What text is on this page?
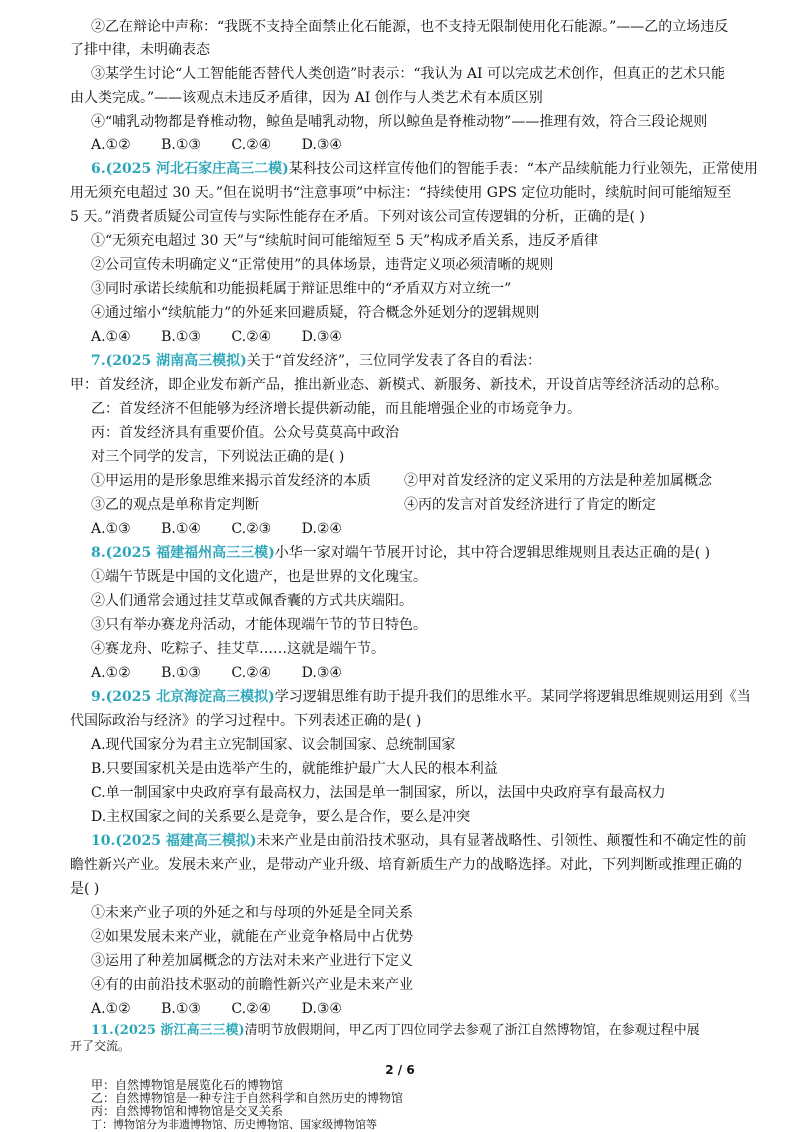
②乙在辩论中声称：“我既不支持全面禁止化石能源，也不支持无限制使用化石能源。”——乙的立场违反
了排中律，未明确表态
③某学生讨论“人工智能能否替代人类创造”时表示：“我认为 AI 可以完成艺术创作，但真正的艺术只能
由人类完成。”——该观点未违反矛盾律，因为 AI 创作与人类艺术有本质区别
④“哺乳动物都是脊椎动物，鲸鱼是哺乳动物，所以鲸鱼是脊椎动物”——推理有效，符合三段论规则
A.①② B.①③ C.②④ D.③④
6.(2025 河北石家庄高三二模)某科技公司这样宣传他们的智能手表：“本产品续航能力行业领先，正常使用
用无须充电超过 30 天。”但在说明书“注意事项”中标注：“持续使用 GPS 定位功能时，续航时间可能缩短至
5 天。”消费者质疑公司宣传与实际性能存在矛盾。下列对该公司宣传逻辑的分析，正确的是( )
①“无须充电超过 30 天”与“续航时间可能缩短至 5 天”构成矛盾关系，违反矛盾律
②公司宣传未明确定义“正常使用”的具体场景，违背定义项必须清晰的规则
③同时承诺长续航和功能损耗属于辩证思维中的“矛盾双方对立统一”
④通过缩小“续航能力”的外延来回避质疑，符合概念外延划分的逻辑规则
A.①④ B.①③ C.②④ D.③④
7.(2025 湖南高三模拟)关于“首发经济”，三位同学发表了各自的看法：
甲：首发经济，即企业发布新产品，推出新业态、新模式、新服务、新技术，开设首店等经济活动的总称。
乙：首发经济不但能够为经济增长提供新动能，而且能增强企业的市场竞争力。
丙：首发经济具有重要价值。公众号莫莫高中政治
对三个同学的发言，下列说法正确的是( )
①甲运用的是形象思维来揭示首发经济的本质 ②甲对首发经济的定义采用的方法是种差加属概念
③乙的观点是单称肯定判断	④丙的发言对首发经济进行了肯定的断定
A.①③ B.①④ C.②③ D.②④
8.(2025 福建福州高三三模)小华一家对端午节展开讨论，其中符合逻辑思维规则且表达正确的是( )
①端午节既是中国的文化遗产，也是世界的文化瑰宝。
②人们通常会通过挂艾草或佩香囊的方式共庆端阳。
③只有举办赛龙舟活动，才能体现端午节的节日特色。
④赛龙舟、吃粽子、挂艾草……这就是端午节。
A.①② B.①③ C.②④ D.③④
9.(2025 北京海淀高三模拟)学习逻辑思维有助于提升我们的思维水平。某同学将逻辑思维规则运用到《当
代国际政治与经济》的学习过程中。下列表述正确的是( )
A.现代国家分为君主立宪制国家、议会制国家、总统制国家
B.只要国家机关是由选举产生的，就能维护最广大人民的根本利益
C.单一制国家中央政府享有最高权力，法国是单一制国家，所以，法国中央政府享有最高权力
D.主权国家之间的关系要么是竞争，要么是合作，要么是冲突
10.(2025 福建高三模拟)未来产业是由前沿技术驱动，具有显著战略性、引领性、颠覆性和不确定性的前
瞻性新兴产业。发展未来产业，是带动产业升级、培育新质生产力的战略选择。对此，下列判断或推理正确的
是( )
①未来产业子项的外延之和与母项的外延是全同关系
②如果发展未来产业，就能在产业竞争格局中占优势
③运用了种差加属概念的方法对未来产业进行下定义
④有的由前沿技术驱动的前瞻性新兴产业是未来产业
A.①② B.①③ C.②④ D.③④
11.(2025 浙江高三三模)清明节放假期间，甲乙丙丁四位同学去参观了浙江自然博物馆，在参观过程中展
开了交流。
甲：自然博物馆是展览化石的博物馆
乙：自然博物馆是一种专注于自然科学和自然历史的博物馆
丙：自然博物馆和博物馆是交叉关系
丁：博物馆分为非遗博物馆、历史博物馆、国家级博物馆等
2 / 6
